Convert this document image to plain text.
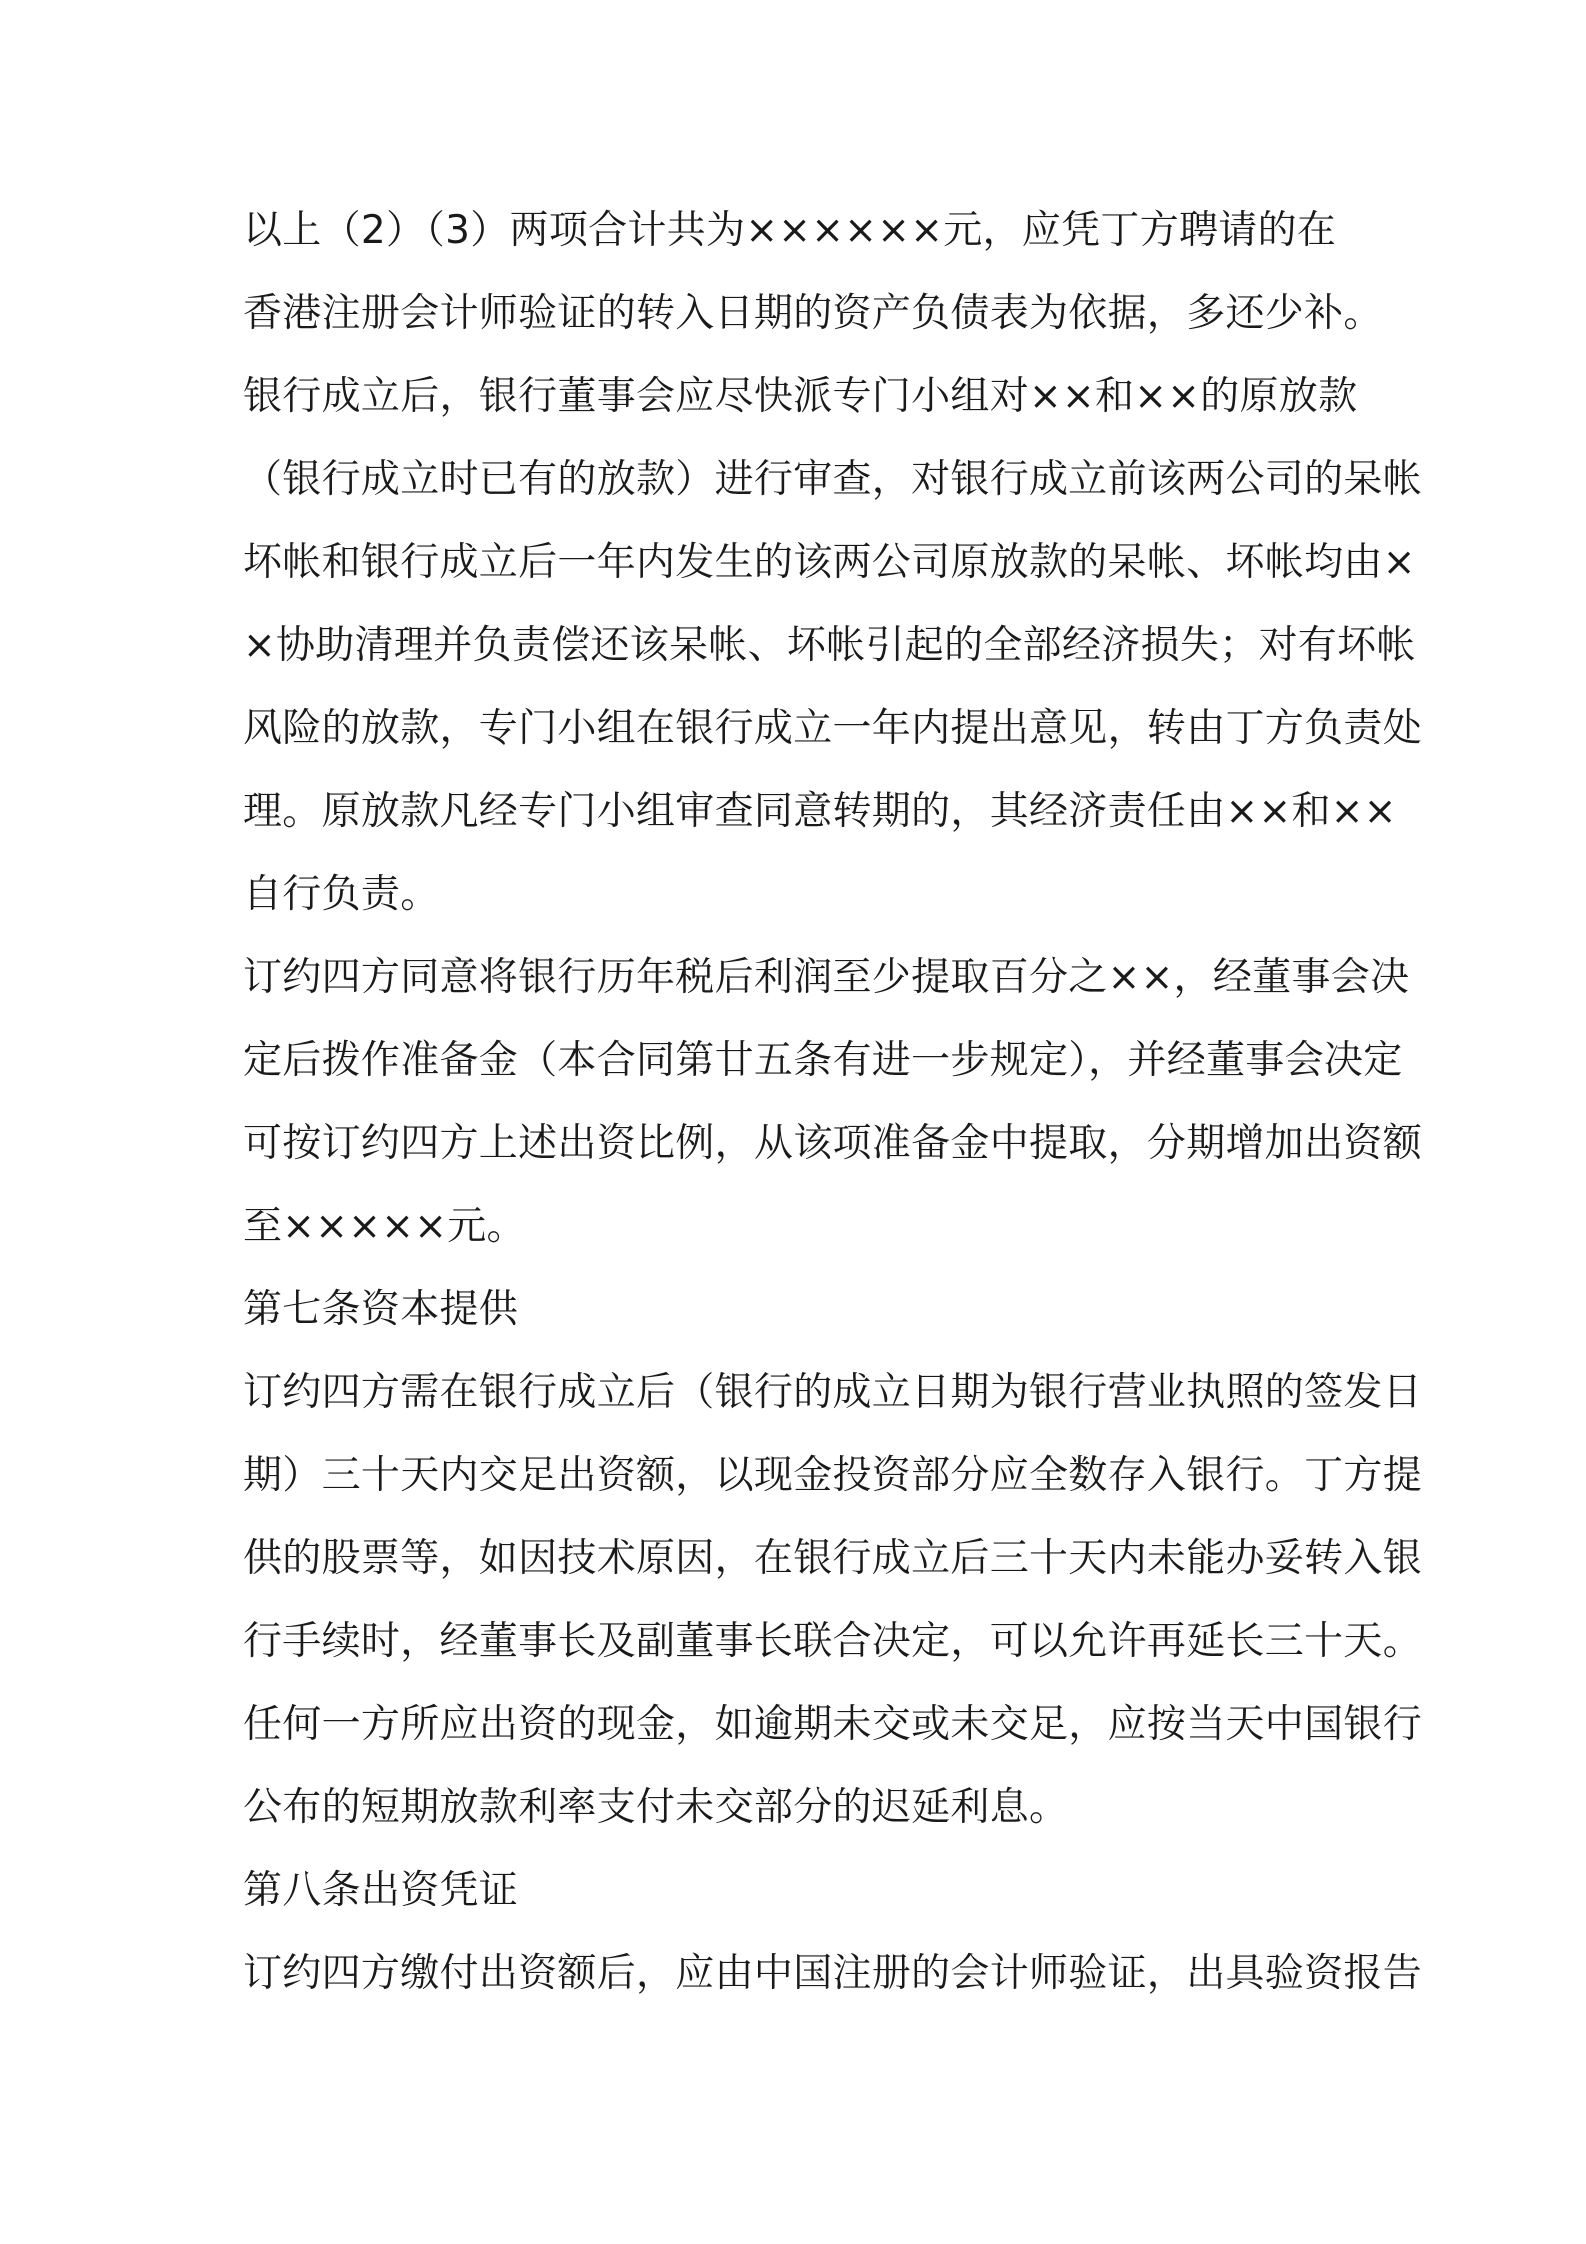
以上（2）（3）两项合计共为××××××元，应凭丁方聘请的在
香港注册会计师验证的转入日期的资产负债表为依据，多还少补。
银行成立后，银行董事会应尽快派专门小组对××和××的原放款
（银行成立时已有的放款）进行审查，对银行成立前该两公司的呆帐
坏帐和银行成立后一年内发生的该两公司原放款的呆帐、坏帐均由×
×协助清理并负责偿还该呆帐、坏帐引起的全部经济损失；对有坏帐
风险的放款，专门小组在银行成立一年内提出意见，转由丁方负责处
理。原放款凡经专门小组审查同意转期的，其经济责任由××和××
自行负责。
订约四方同意将银行历年税后利润至少提取百分之××，经董事会决
定后拨作准备金（本合同第廿五条有进一步规定），并经董事会决定
可按订约四方上述出资比例，从该项准备金中提取，分期增加出资额
至×××××元。
第七条资本提供
订约四方需在银行成立后（银行的成立日期为银行营业执照的签发日
期）三十天内交足出资额，以现金投资部分应全数存入银行。丁方提
供的股票等，如因技术原因，在银行成立后三十天内未能办妥转入银
行手续时，经董事长及副董事长联合决定，可以允许再延长三十天。
任何一方所应出资的现金，如逾期未交或未交足，应按当天中国银行
公布的短期放款利率支付未交部分的迟延利息。
第八条出资凭证
订约四方缴付出资额后，应由中国注册的会计师验证，出具验资报告
